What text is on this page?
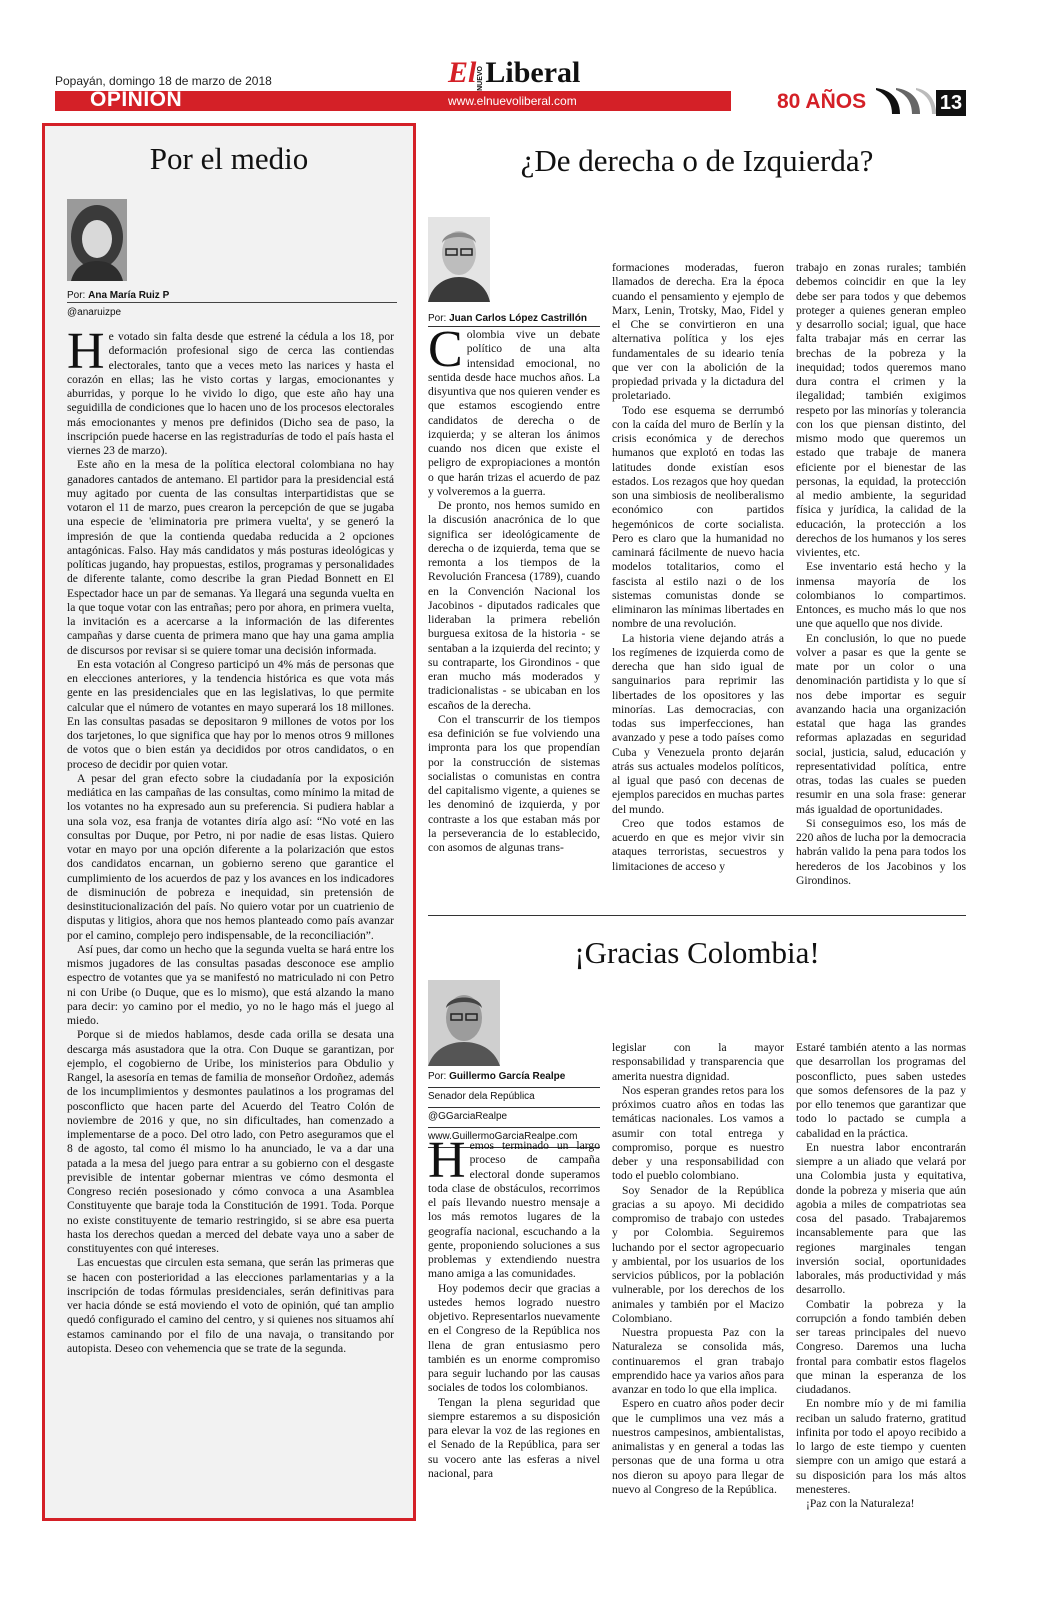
Popayán, domingo 18 de marzo de 2018	ElNUEVOLiberal
OPINIÓN	www.elnuevoliberal.com	80 AÑOS	13
Por el medio
Por: Ana María Ruiz P
@anaruizpe
H e votado sin falta desde que estrené la cédula a los 18, por deformación profesional sigo de cerca las contiendas electorales, tanto que a veces meto las narices y hasta el corazón en ellas; las he visto cortas y largas, emocionantes y aburridas, y porque lo he vivido lo digo, que este año hay una seguidilla de condiciones que lo hacen uno de los procesos electorales más emocionantes y menos pre definidos (Dicho sea de paso, la inscripción puede hacerse en las registradurías de todo el país hasta el viernes 23 de marzo).

Este año en la mesa de la política electoral colombiana no hay ganadores cantados de antemano. El partidor para la presidencial está muy agitado por cuenta de las consultas interpartidistas que se votaron el 11 de marzo, pues crearon la percepción de que se jugaba una especie de 'eliminatoria pre primera vuelta', y se generó la impresión de que la contienda quedaba reducida a 2 opciones antagónicas. Falso. Hay más candidatos y más posturas ideológicas y políticas jugando, hay propuestas, estilos, programas y personalidades de diferente talante, como describe la gran Piedad Bonnett en El Espectador hace un par de semanas. Ya llegará una segunda vuelta en la que toque votar con las entrañas; pero por ahora, en primera vuelta, la invitación es a acercarse a la información de las diferentes campañas y darse cuenta de primera mano que hay una gama amplia de discursos por revisar si se quiere tomar una decisión informada.

En esta votación al Congreso participó un 4% más de personas que en elecciones anteriores, y la tendencia histórica es que vota más gente en las presidenciales que en las legislativas, lo que permite calcular que el número de votantes en mayo superará los 18 millones. En las consultas pasadas se depositaron 9 millones de votos por los dos tarjetones, lo que significa que hay por lo menos otros 9 millones de votos que o bien están ya decididos por otros candidatos, o en proceso de decidir por quien votar.

A pesar del gran efecto sobre la ciudadanía por la exposición mediática en las campañas de las consultas, como mínimo la mitad de los votantes no ha expresado aun su preferencia. Si pudiera hablar a una sola voz, esa franja de votantes diría algo así: “No voté en las consultas por Duque, por Petro, ni por nadie de esas listas. Quiero votar en mayo por una opción diferente a la polarización que estos dos candidatos encarnan, un gobierno sereno que garantice el cumplimiento de los acuerdos de paz y los avances en los indicadores de disminución de pobreza e inequidad, sin pretensión de desinstitucionalización del país. No quiero votar por un cuatrienio de disputas y litigios, ahora que nos hemos planteado como país avanzar por el camino, complejo pero indispensable, de la reconciliación”.

Así pues, dar como un hecho que la segunda vuelta se hará entre los mismos jugadores de las consultas pasadas desconoce ese amplio espectro de votantes que ya se manifestó no matriculado ni con Petro ni con Uribe (o Duque, que es lo mismo), que está alzando la mano para decir: yo camino por el medio, yo no le hago más el juego al miedo.

Porque si de miedos hablamos, desde cada orilla se desata una descarga más asustadora que la otra. Con Duque se garantizan, por ejemplo, el cogobierno de Uribe, los ministerios para Obdulio y Rangel, la asesoría en temas de familia de monseñor Ordoñez, además de los incumplimientos y desmontes paulatinos a los programas del posconflicto que hacen parte del Acuerdo del Teatro Colón de noviembre de 2016 y que, no sin dificultades, han comenzado a implementarse de a poco. Del otro lado, con Petro aseguramos que el 8 de agosto, tal como él mismo lo ha anunciado, le va a dar una patada a la mesa del juego para entrar a su gobierno con el desgaste previsible de intentar gobernar mientras ve cómo desmonta el Congreso recién posesionado y cómo convoca a una Asamblea Constituyente que baraje toda la Constitución de 1991. Toda. Porque no existe constituyente de temario restringido, si se abre esa puerta hasta los derechos quedan a merced del debate vaya uno a saber de constituyentes con qué intereses.

Las encuestas que circulen esta semana, que serán las primeras que se hacen con posterioridad a las elecciones parlamentarias y a la inscripción de todas fórmulas presidenciales, serán definitivas para ver hacia dónde se está moviendo el voto de opinión, qué tan amplio quedó configurado el camino del centro, y si quienes nos situamos ahí estamos caminando por el filo de una navaja, o transitando por autopista. Deseo con vehemencia que se trate de la segunda.

¿De derecha o de Izquierda?
Por: Juan Carlos López Castrillón
C olombia vive un debate político de una alta intensidad emocional, no sentida desde hace muchos años. La disyuntiva que nos quieren vender es que estamos escogiendo entre candidatos de derecha o de izquierda; y se alteran los ánimos cuando nos dicen que existe el peligro de expropiaciones a montón o que harán trizas el acuerdo de paz y volveremos a la guerra.

De pronto, nos hemos sumido en la discusión anacrónica de lo que significa ser ideológicamente de derecha o de izquierda, tema que se remonta a los tiempos de la Revolución Francesa (1789), cuando en la Convención Nacional los Jacobinos - diputados radicales que lideraban la primera rebelión burguesa exitosa de la historia - se sentaban a la izquierda del recinto; y su contraparte, los Girondinos - que eran mucho más moderados y tradicionalistas - se ubicaban en los escaños de la derecha.

Con el transcurrir de los tiempos esa definición se fue volviendo una impronta para los que propendían por la construcción de sistemas socialistas o comunistas en contra del capitalismo vigente, a quienes se les denominó de izquierda, y por contraste a los que estaban más por la perseverancia de lo establecido, con asomos de algunas trans-

formaciones moderadas, fueron llamados de derecha. Era la época cuando el pensamiento y ejemplo de Marx, Lenin, Trotsky, Mao, Fidel y el Che se convirtieron en una alternativa política y los ejes fundamentales de su ideario tenía que ver con la abolición de la propiedad privada y la dictadura del proletariado.

Todo ese esquema se derrumbó con la caída del muro de Berlín y la crisis económica y de derechos humanos que explotó en todas las latitudes donde existían esos estados. Los rezagos que hoy quedan son una simbiosis de neoliberalismo económico con partidos hegemónicos de corte socialista. Pero es claro que la humanidad no caminará fácilmente de nuevo hacia modelos totalitarios, como el fascista al estilo nazi o de los sistemas comunistas donde se eliminaron las mínimas libertades en nombre de una revolución.

La historia viene dejando atrás a los regímenes de izquierda como de derecha que han sido igual de sanguinarios para reprimir las libertades de los opositores y las minorías. Las democracias, con todas sus imperfecciones, han avanzado y pese a todo países como Cuba y Venezuela pronto dejarán atrás sus actuales modelos políticos, al igual que pasó con decenas de ejemplos parecidos en muchas partes del mundo.

Creo que todos estamos de acuerdo en que es mejor vivir sin ataques terroristas, secuestros y limitaciones de acceso y

trabajo en zonas rurales; también debemos coincidir en que la ley debe ser para todos y que debemos proteger a quienes generan empleo y desarrollo social; igual, que hace falta trabajar más en cerrar las brechas de la pobreza y la inequidad; todos queremos mano dura contra el crimen y la ilegalidad; también exigimos respeto por las minorías y tolerancia con los que piensan distinto, del mismo modo que queremos un estado que trabaje de manera eficiente por el bienestar de las personas, la equidad, la protección al medio ambiente, la seguridad física y jurídica, la calidad de la educación, la protección a los derechos de los humanos y los seres vivientes, etc.

Ese inventario está hecho y la inmensa mayoría de los colombianos lo compartimos. Entonces, es mucho más lo que nos une que aquello que nos divide.

En conclusión, lo que no puede volver a pasar es que la gente se mate por un color o una denominación partidista y lo que sí nos debe importar es seguir avanzando hacia una organización estatal que haga las grandes reformas aplazadas en seguridad social, justicia, salud, educación y representatividad política, entre otras, todas las cuales se pueden resumir en una sola frase: generar más igualdad de oportunidades.

Si conseguimos eso, los más de 220 años de lucha por la democracia habrán valido la pena para todos los herederos de los Jacobinos y los Girondinos.

¡Gracias Colombia!
Por: Guillermo García Realpe
Senador dela República
@GGarciaRealpe
www.GuillermoGarciaRealpe.com
H emos terminado un largo proceso de campaña electoral donde superamos toda clase de obstáculos, recorrimos el país llevando nuestro mensaje a los más remotos lugares de la geografía nacional, escuchando a la gente, proponiendo soluciones a sus problemas y extendiendo nuestra mano amiga a las comunidades.

Hoy podemos decir que gracias a ustedes hemos logrado nuestro objetivo. Representarlos nuevamente en el Congreso de la República nos llena de gran entusiasmo pero también es un enorme compromiso para seguir luchando por las causas sociales de todos los colombianos.

Tengan la plena seguridad que siempre estaremos a su disposición para elevar la voz de las regiones en el Senado de la República, para ser su vocero ante las esferas a nivel nacional, para

legislar con la mayor responsabilidad y transparencia que amerita nuestra dignidad.

Nos esperan grandes retos para los próximos cuatro años en todas las temáticas nacionales. Los vamos a asumir con total entrega y compromiso, porque es nuestro deber y una responsabilidad con todo el pueblo colombiano.

Soy Senador de la República gracias a su apoyo. Mi decidido compromiso de trabajo con ustedes y por Colombia. Seguiremos luchando por el sector agropecuario y ambiental, por los usuarios de los servicios públicos, por la población vulnerable, por los derechos de los animales y también por el Macizo Colombiano.

Nuestra propuesta Paz con la Naturaleza se consolida más, continuaremos el gran trabajo emprendido hace ya varios años para avanzar en todo lo que ella implica.

Espero en cuatro años poder decir que le cumplimos una vez más a nuestros campesinos, ambientalistas, animalistas y en general a todas las personas que de una forma u otra nos dieron su apoyo para llegar de nuevo al Congreso de la República.

Estaré también atento a las normas que desarrollan los programas del posconflicto, pues saben ustedes que somos defensores de la paz y por ello tenemos que garantizar que todo lo pactado se cumpla a cabalidad en la práctica.

En nuestra labor encontrarán siempre a un aliado que velará por una Colombia justa y equitativa, donde la pobreza y miseria que aún agobia a miles de compatriotas sea cosa del pasado. Trabajaremos incansablemente para que las regiones marginales tengan inversión social, oportunidades laborales, más productividad y más desarrollo.

Combatir la pobreza y la corrupción a fondo también deben ser tareas principales del nuevo Congreso. Daremos una lucha frontal para combatir estos flagelos que minan la esperanza de los ciudadanos.

En nombre mío y de mi familia reciban un saludo fraterno, gratitud infinita por todo el apoyo recibido a lo largo de este tiempo y cuenten siempre con un amigo que estará a su disposición para los más altos menesteres.

¡Paz con la Naturaleza!
